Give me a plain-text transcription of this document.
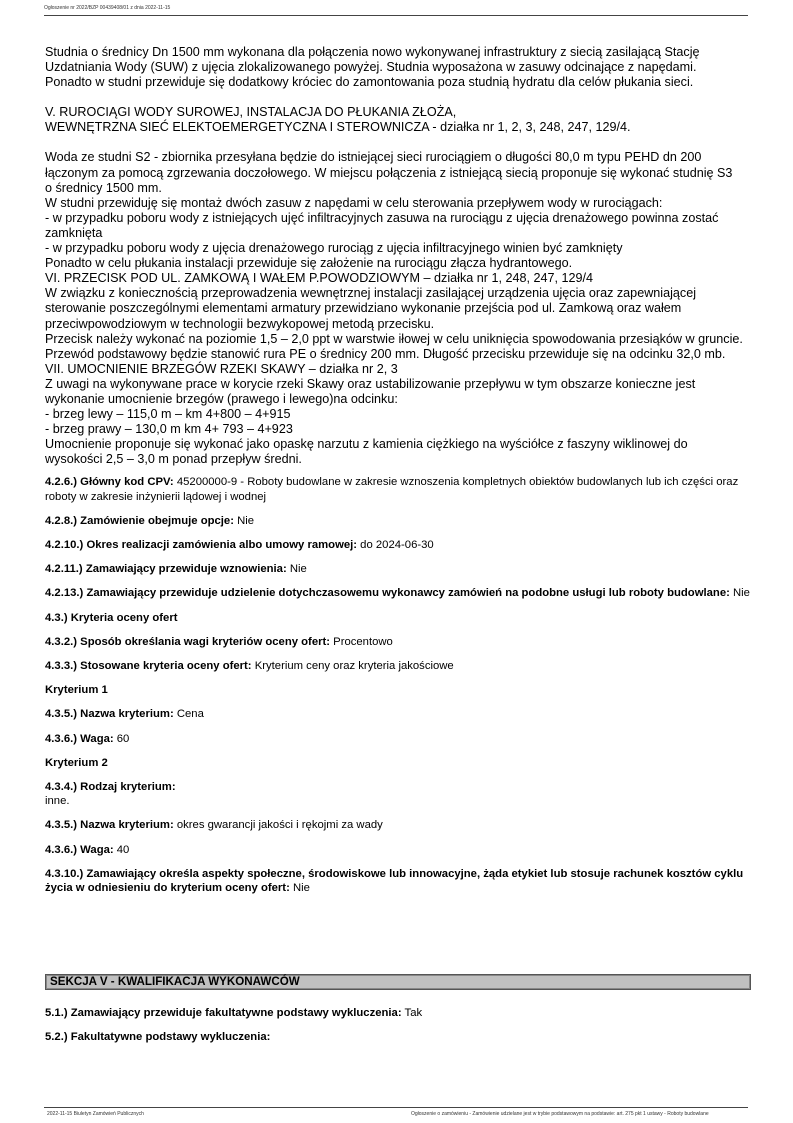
Ogłoszenie nr 2022/BZP 00439408/01 z dnia 2022-11-15

Studnia o średnicy Dn 1500 mm wykonana dla połączenia nowo wykonywanej infrastruktury z siecią zasilającą Stację

Uzdatniania Wody (SUW) z ujęcia zlokalizowanego powyżej. Studnia wyposażona w zasuwy odcinające z napędami.

Ponadto w studni przewiduje się dodatkowy króciec do zamontowania poza studnią hydratu dla celów płukania sieci.

V. RUROCIĄGI WODY SUROWEJ, INSTALACJA DO PŁUKANIA ZŁOŻA,

WEWNĘTRZNA SIEĆ ELEKTOEMERGETYCZNA I STEROWNICZA - działka nr 1, 2, 3, 248, 247, 129/4.

Woda ze studni S2 - zbiornika przesyłana będzie do istniejącej sieci rurociągiem o długości 80,0 m typu PEHD dn 200

łączonym za pomocą zgrzewania doczołowego. W miejscu połączenia z istniejącą siecią proponuje się wykonać studnię S3

o średnicy 1500 mm.

W studni przewiduję się montaż dwóch zasuw z napędami w celu sterowania przepływem wody w rurociągach:

- w przypadku poboru wody z istniejących ujęć infiltracyjnych zasuwa na rurociągu z ujęcia drenażowego powinna zostać

zamknięta

- w przypadku poboru wody z ujęcia drenażowego rurociąg z ujęcia infiltracyjnego winien być zamknięty

Ponadto w celu płukania instalacji przewiduje się założenie na rurociągu złącza hydrantowego.

VI. PRZECISK POD UL. ZAMKOWĄ I WAŁEM P.POWODZIOWYM – działka nr 1, 248, 247, 129/4

W związku z koniecznością przeprowadzenia wewnętrznej instalacji zasilającej urządzenia ujęcia oraz zapewniającej

sterowanie poszczególnymi elementami armatury przewidziano wykonanie przejścia pod ul. Zamkową oraz wałem

przeciwpowodziowym w technologii bezwykopowej metodą przecisku.

Przecisk należy wykonać na poziomie 1,5 – 2,0 ppt w warstwie iłowej w celu uniknięcia spowodowania przesiąków w gruncie.

Przewód podstawowy będzie stanowić rura PE o średnicy 200 mm. Długość przecisku przewiduje się na odcinku 32,0 mb.

VII. UMOCNIENIE BRZEGÓW RZEKI SKAWY – działka nr 2, 3

Z uwagi na wykonywane prace w korycie rzeki Skawy oraz ustabilizowanie przepływu w tym obszarze konieczne jest

wykonanie umocnienie brzegów (prawego i lewego)na odcinku:

- brzeg lewy – 115,0 m – km 4+800 – 4+915

- brzeg prawy – 130,0 m km 4+ 793 – 4+923

Umocnienie proponuje się wykonać jako opaskę narzutu z kamienia ciężkiego na wyściółce z faszyny wiklinowej do

wysokości 2,5 – 3,0 m ponad przepływ średni.

4.2.6.) Główny kod CPV: 45200000-9 - Roboty budowlane w zakresie wznoszenia kompletnych obiektów budowlanych lub ich części oraz roboty w zakresie inżynierii lądowej i wodnej
4.2.8.) Zamówienie obejmuje opcje: Nie
4.2.10.) Okres realizacji zamówienia albo umowy ramowej: do 2024-06-30
4.2.11.) Zamawiający przewiduje wznowienia: Nie
4.2.13.) Zamawiający przewiduje udzielenie dotychczasowemu wykonawcy zamówień na podobne usługi lub roboty budowlane: Nie
4.3.) Kryteria oceny ofert
4.3.2.) Sposób określania wagi kryteriów oceny ofert: Procentowo
4.3.3.) Stosowane kryteria oceny ofert: Kryterium ceny oraz kryteria jakościowe
Kryterium 1
4.3.5.) Nazwa kryterium: Cena
4.3.6.) Waga: 60
Kryterium 2
4.3.4.) Rodzaj kryterium:
inne.
4.3.5.) Nazwa kryterium: okres gwarancji jakości i rękojmi za wady
4.3.6.) Waga: 40
4.3.10.) Zamawiający określa aspekty społeczne, środowiskowe lub innowacyjne, żąda etykiet lub stosuje rachunek kosztów cyklu życia w odniesieniu do kryterium oceny ofert: Nie
SEKCJA V - KWALIFIKACJA WYKONAWCÓW
5.1.) Zamawiający przewiduje fakultatywne podstawy wykluczenia: Tak
5.2.) Fakultatywne podstawy wykluczenia:
2022-11-15 Biuletyn Zamówień Publicznych	Ogłoszenie o zamówieniu - Zamówienie udzielane jest w trybie podstawowym na podstawie: art. 275 pkt 1 ustawy - Roboty budowlane
